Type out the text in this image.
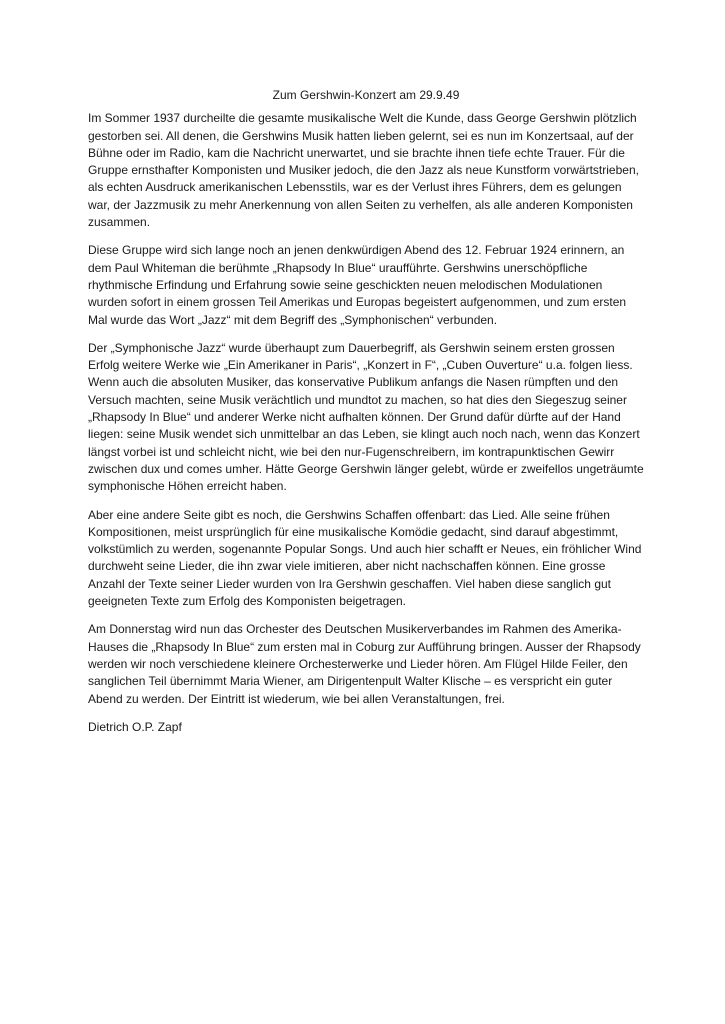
Zum Gershwin-Konzert am 29.9.49

Im Sommer 1937 durcheilte die gesamte musikalische Welt die Kunde, dass George Gershwin plötzlich gestorben sei. All denen, die Gershwins Musik hatten lieben gelernt, sei es nun im Konzertsaal, auf der Bühne oder im Radio, kam die Nachricht unerwartet, und sie brachte ihnen tiefe echte Trauer. Für die Gruppe ernsthafter Komponisten und Musiker jedoch, die den Jazz als neue Kunstform vorwärtstrieben, als echten Ausdruck amerikanischen Lebensstils, war es der Verlust ihres Führers, dem es gelungen war, der Jazzmusik zu mehr Anerkennung von allen Seiten zu verhelfen, als alle anderen Komponisten zusammen.

Diese Gruppe wird sich lange noch an jenen denkwürdigen Abend des 12. Februar 1924 erinnern, an dem Paul Whiteman die berühmte „Rhapsody In Blue“ uraufführte. Gershwins unerschöpfliche rhythmische Erfindung und Erfahrung sowie seine geschickten neuen melodischen Modulationen wurden sofort in einem grossen Teil Amerikas und Europas begeistert aufgenommen, und zum ersten Mal wurde das Wort „Jazz“ mit dem Begriff des „Symphonischen“ verbunden.

Der „Symphonische Jazz“ wurde überhaupt zum Dauerbegriff, als Gershwin seinem ersten grossen Erfolg weitere Werke wie „Ein Amerikaner in Paris“, „Konzert in F“, „Cuben Ouverture“ u.a. folgen liess. Wenn auch die absoluten Musiker, das konservative Publikum anfangs die Nasen rümpften und den Versuch machten, seine Musik verächtlich und mundtot zu machen, so hat dies den Siegeszug seiner „Rhapsody In Blue“ und anderer Werke nicht aufhalten können. Der Grund dafür dürfte auf der Hand liegen: seine Musik wendet sich unmittelbar an das Leben, sie klingt auch noch nach, wenn das Konzert längst vorbei ist und schleicht nicht, wie bei den nur-Fugenschreibern, im kontrapunktischen Gewirr zwischen dux und comes umher. Hätte George Gershwin länger gelebt, würde er zweifellos ungeträumte symphonische Höhen erreicht haben.

Aber eine andere Seite gibt es noch, die Gershwins Schaffen offenbart: das Lied. Alle seine frühen Kompositionen, meist ursprünglich für eine musikalische Komödie gedacht, sind darauf abgestimmt, volkstümlich zu werden, sogenannte Popular Songs. Und auch hier schafft er Neues, ein fröhlicher Wind durchweht seine Lieder, die ihn zwar viele imitieren, aber nicht nachschaffen können. Eine grosse Anzahl der Texte seiner Lieder wurden von Ira Gershwin geschaffen. Viel haben diese sanglich gut geeigneten Texte zum Erfolg des Komponisten beigetragen.

Am Donnerstag wird nun das Orchester des Deutschen Musikerverbandes im Rahmen des Amerika-Hauses die „Rhapsody In Blue“ zum ersten mal in Coburg zur Aufführung bringen. Ausser der Rhapsody werden wir noch verschiedene kleinere Orchesterwerke und Lieder hören. Am Flügel Hilde Feiler, den sanglichen Teil übernimmt Maria Wiener, am Dirigentenpult Walter Klische – es verspricht ein guter Abend zu werden. Der Eintritt ist wiederum, wie bei allen Veranstaltungen, frei.

Dietrich O.P. Zapf
